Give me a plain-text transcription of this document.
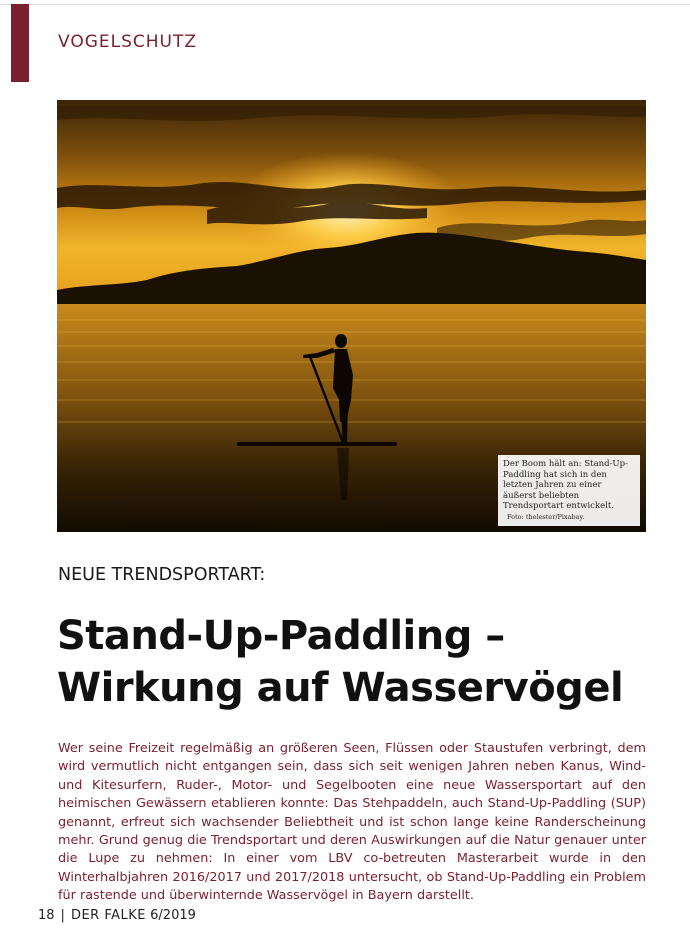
VOGELSCHUTZ
Der Boom hält an: Stand-Up-Paddling hat sich in den letzten Jahren zu einer äußerst beliebten Trendsportart entwickelt. Foto: thelester/Pixabay.
NEUE TRENDSPORTART:
Stand-Up-Paddling –
Wirkung auf Wasservögel
Wer seine Freizeit regelmäßig an größeren Seen, Flüssen oder Staustufen verbringt, dem wird vermutlich nicht entgangen sein, dass sich seit wenigen Jahren neben Kanus, Wind- und Kitesurfern, Ruder-, Motor- und Segelbooten eine neue Wassersportart auf den heimischen Gewässern etablieren konnte: Das Stehpaddeln, auch Stand-Up-Paddling (SUP) genannt, erfreut sich wachsender Beliebtheit und ist schon lange keine Randerscheinung mehr. Grund genug die Trendsportart und deren Auswirkungen auf die Natur genauer unter die Lupe zu nehmen: In einer vom LBV co-betreuten Masterarbeit wurde in den Winterhalbjahren 2016/2017 und 2017/2018 untersucht, ob Stand-Up-Paddling ein Problem für rastende und überwinternde Wasservögel in Bayern darstellt.
18 | DER FALKE 6/2019
